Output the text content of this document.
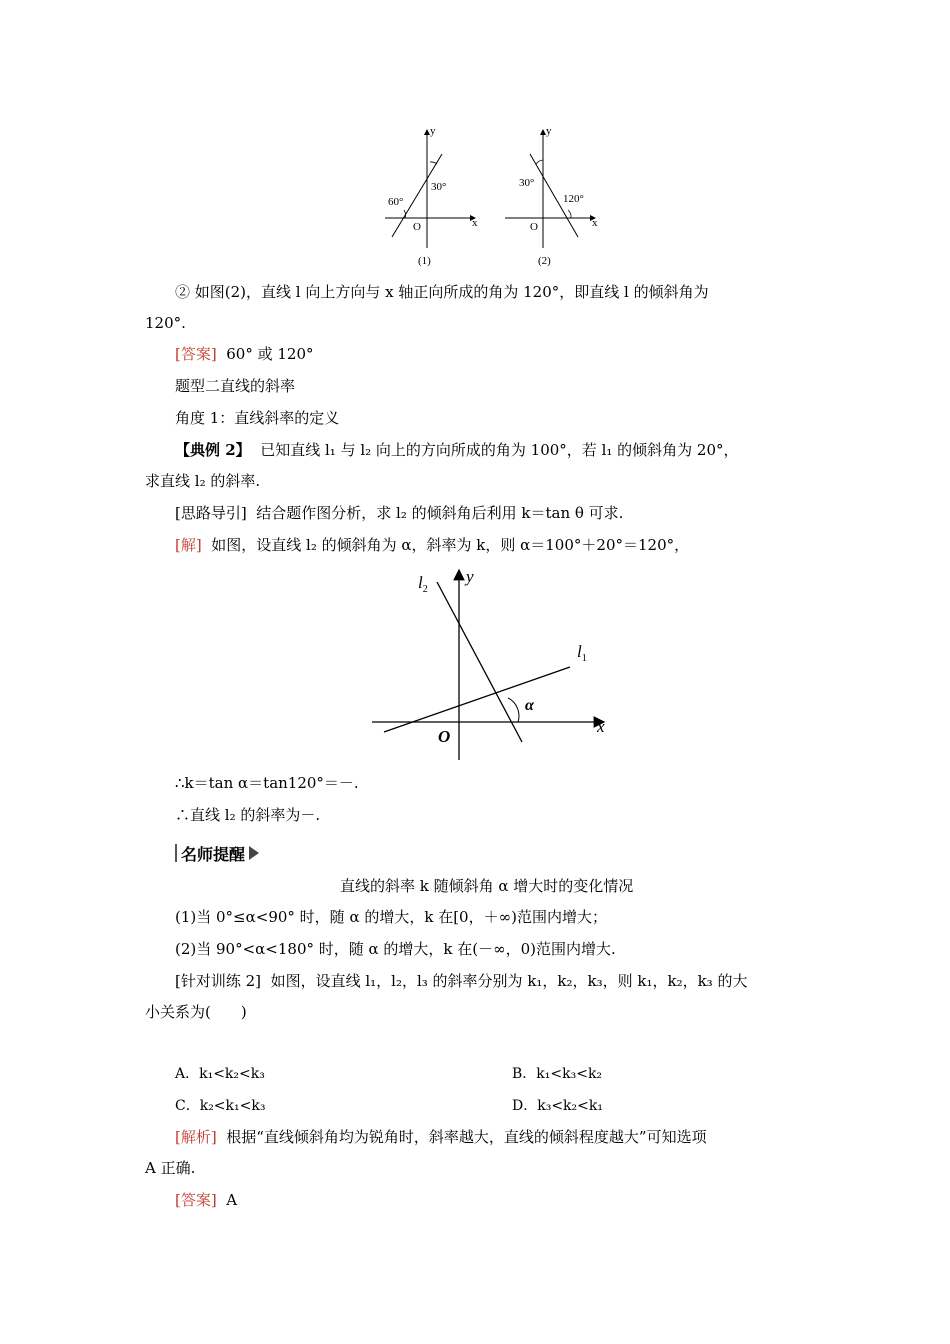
y
x
O
30°
60°
(1)
y
x
O
30°
120°
(2)
② 如图(2)，直线 l 向上方向与 x 轴正向所成的角为 120°，即直线 l 的倾斜角为
120°.
[答案] 60° 或 120°
题型二直线的斜率
角度 1：直线斜率的定义
【典例 2】 已知直线 l₁ 与 l₂ 向上的方向所成的角为 100°，若 l₁ 的倾斜角为 20°，
求直线 l₂ 的斜率.
[思路导引] 结合题作图分析，求 l₂ 的倾斜角后利用 k＝tan θ 可求.
[解] 如图，设直线 l₂ 的倾斜角为 α，斜率为 k，则 α＝100°＋20°＝120°，
$l_2$
$l_1$
y
x
O
α
∴k＝tan α＝tan120°＝－.
∴直线 l₂ 的斜率为－.
名师提醒
直线的斜率 k 随倾斜角 α 增大时的变化情况
(1)当 0°≤α<90° 时，随 α 的增大，k 在[0，＋∞)范围内增大；
(2)当 90°<α<180° 时，随 α 的增大，k 在(－∞，0)范围内增大.
[针对训练 2] 如图，设直线 l₁，l₂，l₃ 的斜率分别为 k₁，k₂，k₃，则 k₁，k₂，k₃ 的大
小关系为(　　)
A．k₁<k₂<k₃	B．k₁<k₃<k₂
C．k₂<k₁<k₃	D．k₃<k₂<k₁
[解析] 根据“直线倾斜角均为锐角时，斜率越大，直线的倾斜程度越大”可知选项
A 正确.
[答案] A
